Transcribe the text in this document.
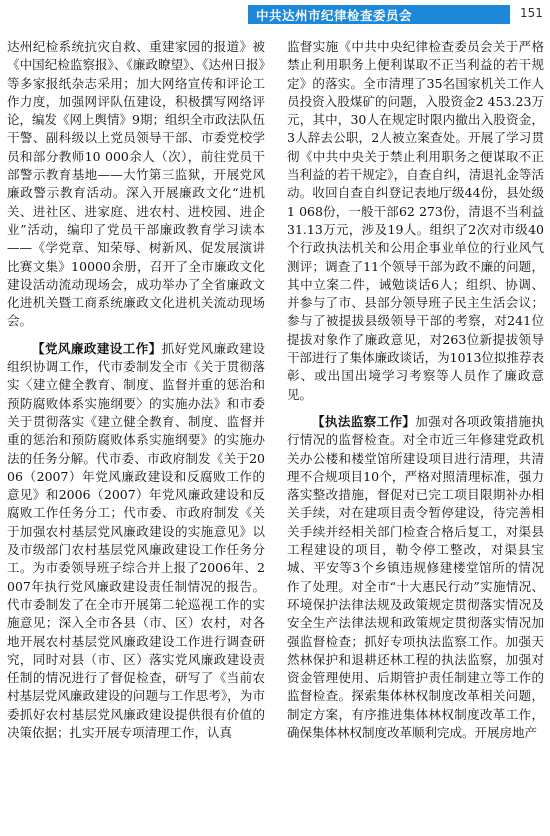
中共达州市纪律检查委员会	151

达州纪检系统抗灾自救、重建家园的报道》被《中国纪检监察报》、《廉政瞭望》、《达州日报》等多家报纸杂志采用；加大网络宣传和评论工作力度，加强网评队伍建设，积极撰写网络评论，编发《网上舆情》9期；组织全市政法队伍干警、副科级以上党员领导干部、市委党校学员和部分教师10 000余人（次），前往党员干部警示教育基地——大竹第三监狱，开展党风廉政警示教育活动。深入开展廉政文化“进机关、进社区、进家庭、进农村、进校园、进企业”活动，编印了党员干部廉政教育学习读本——《学党章、知荣辱、树新风、促发展演讲比赛文集》10000余册，召开了全市廉政文化建设活动流动现场会，成功举办了全省廉政文化进机关暨工商系统廉政文化进机关流动现场会。

【党风廉政建设工作】抓好党风廉政建设组织协调工作，代市委制发全市《关于贯彻落实〈建立健全教育、制度、监督并重的惩治和预防腐败体系实施纲要〉的实施办法》和市委关于贯彻落实《建立健全教育、制度、监督并重的惩治和预防腐败体系实施纲要》的实施办法的任务分解。代市委、市政府制发《关于2006（2007）年党风廉政建设和反腐败工作的意见》和2006（2007）年党风廉政建设和反腐败工作任务分工；代市委、市政府制发《关于加强农村基层党风廉政建设的实施意见》以及市级部门农村基层党风廉政建设工作任务分工。为市委领导班子综合并上报了2006年、2007年执行党风廉政建设责任制情况的报告。代市委制发了在全市开展第二轮巡视工作的实施意见；深入全市各县（市、区）农村，对各地开展农村基层党风廉政建设工作进行调查研究，同时对县（市、区）落实党风廉政建设责任制的情况进行了督促检查，研写了《当前农村基层党风廉政建设的问题与工作思考》，为市委抓好农村基层党风廉政建设提供很有价值的决策依据；扎实开展专项清理工作，认真

监督实施《中共中央纪律检查委员会关于严格禁止利用职务上便利谋取不正当利益的若干规定》的落实。全市清理了35名国家机关工作人员投资入股煤矿的问题，入股资金2 453.23万元，其中，30人在规定时限内撤出入股资金，3人辞去公职，2人被立案查处。开展了学习贯彻《中共中央关于禁止利用职务之便谋取不正当利益的若干规定》，自查自纠，清退礼金等活动。收回自查自纠登记表地厅级44份，县处级1 068份，一般干部62 273份，清退不当利益31.13万元，涉及19人。组织了2次对市级40个行政执法机关和公用企事业单位的行业风气测评；调查了11个领导干部为政不廉的问题，其中立案二件，诫勉谈话6人；组织、协调、并参与了市、县部分领导班子民主生活会议；参与了被提拔县级领导干部的考察，对241位提拔对象作了廉政意见，对263位新提拔领导干部进行了集体廉政谈话，为1013位拟推荐表彰、或出国出境学习考察等人员作了廉政意见。

【执法监察工作】加强对各项政策措施执行情况的监督检查。对全市近三年修建党政机关办公楼和楼堂馆所建设项目进行清理，共清理不合规项目10个，严格对照清理标准，强力落实整改措施，督促对已完工项目限期补办相关手续，对在建项目责令暂停建设，待完善相关手续并经相关部门检查合格后复工，对渠县工程建设的项目，勒令停工整改，对渠县宝城、平安等3个乡镇违规修建楼堂馆所的情况作了处理。对全市“十大惠民行动”实施情况、环境保护法律法规及政策规定贯彻落实情况及安全生产法律法规和政策规定贯彻落实情况加强监督检查；抓好专项执法监察工作。加强天然林保护和退耕还林工程的执法监察，加强对资金管理使用、后期管护责任制建立等工作的监督检查。探索集体林权制度改革相关问题，制定方案，有序推进集体林权制度改革工作，确保集体林权制度改革顺利完成。开展房地产
